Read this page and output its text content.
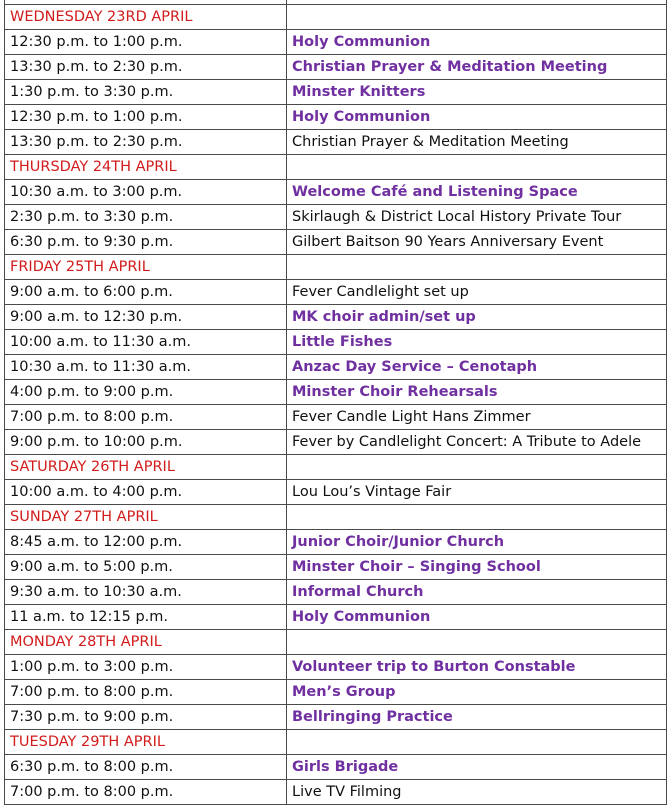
WEDNESDAY 23RD APRIL	
12:30 p.m. to 1:00 p.m.	Holy Communion
13:30 p.m. to 2:30 p.m.	Christian Prayer & Meditation Meeting
1:30 p.m. to 3:30 p.m.	Minster Knitters
12:30 p.m. to 1:00 p.m.	Holy Communion
13:30 p.m. to 2:30 p.m.	Christian Prayer & Meditation Meeting
THURSDAY 24TH APRIL	
10:30 a.m. to 3:00 p.m.	Welcome Café and Listening Space
2:30 p.m. to 3:30 p.m.	Skirlaugh & District Local History Private Tour
6:30 p.m. to 9:30 p.m.	Gilbert Baitson 90 Years Anniversary Event
FRIDAY 25TH APRIL	
9:00 a.m. to 6:00 p.m.	Fever Candlelight set up
9:00 a.m. to 12:30 p.m.	MK choir admin/set up
10:00 a.m. to 11:30 a.m.	Little Fishes
10:30 a.m. to 11:30 a.m.	Anzac Day Service – Cenotaph
4:00 p.m. to 9:00 p.m.	Minster Choir Rehearsals
7:00 p.m. to 8:00 p.m.	Fever Candle Light Hans Zimmer
9:00 p.m. to 10:00 p.m.	Fever by Candlelight Concert: A Tribute to Adele
SATURDAY 26TH APRIL	
10:00 a.m. to 4:00 p.m.	Lou Lou’s Vintage Fair
SUNDAY 27TH APRIL	
8:45 a.m. to 12:00 p.m.	Junior Choir/Junior Church
9:00 a.m. to 5:00 p.m.	Minster Choir – Singing School
9:30 a.m. to 10:30 a.m.	Informal Church
11 a.m. to 12:15 p.m.	Holy Communion
MONDAY 28TH APRIL	
1:00 p.m. to 3:00 p.m.	Volunteer trip to Burton Constable
7:00 p.m. to 8:00 p.m.	Men’s Group
7:30 p.m. to 9:00 p.m.	Bellringing Practice
TUESDAY 29TH APRIL	
6:30 p.m. to 8:00 p.m.	Girls Brigade
7:00 p.m. to 8:00 p.m.	Live TV Filming
